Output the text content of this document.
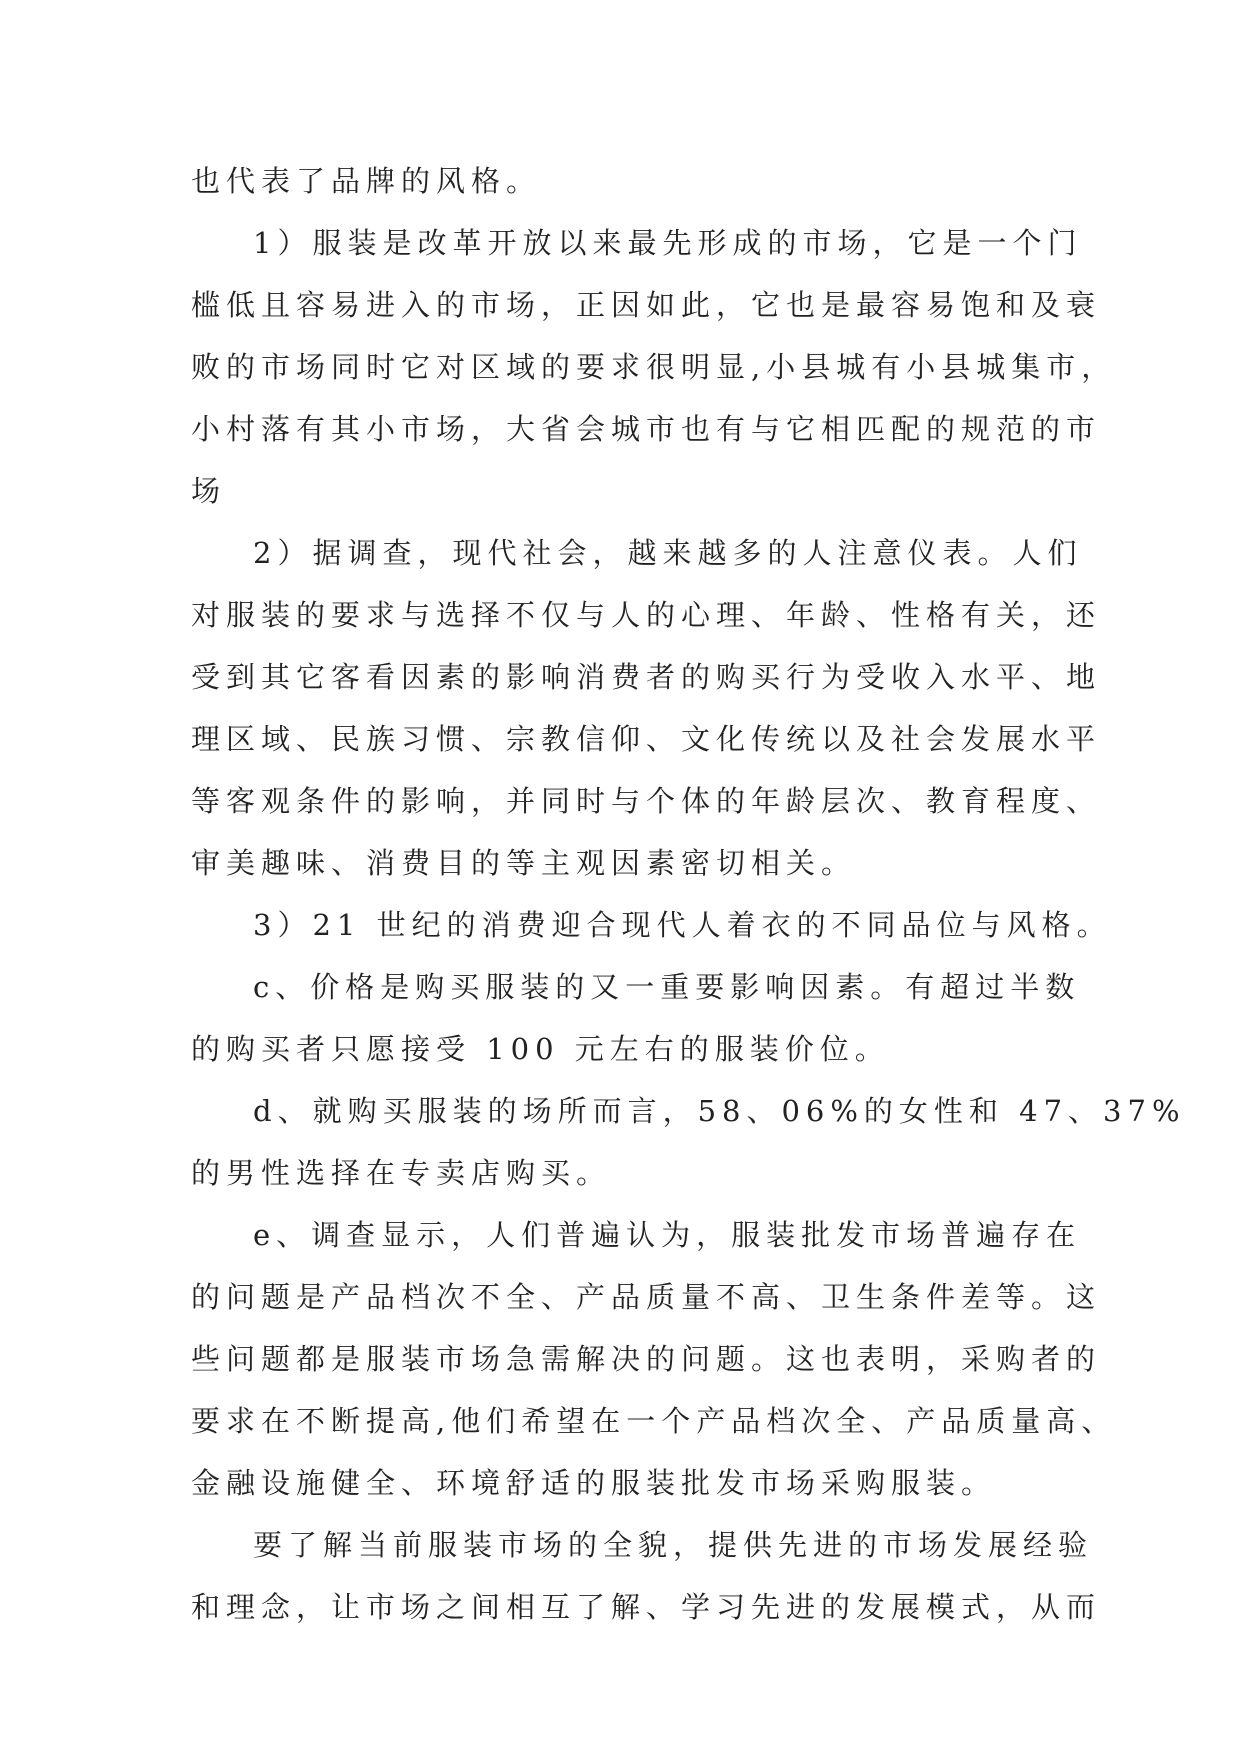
也代表了品牌的风格。
1）服装是改革开放以来最先形成的市场，它是一个门
槛低且容易进入的市场，正因如此，它也是最容易饱和及衰
败的市场同时它对区域的要求很明显,小县城有小县城集市，
小村落有其小市场，大省会城市也有与它相匹配的规范的市
场
2）据调查，现代社会，越来越多的人注意仪表。人们
对服装的要求与选择不仅与人的心理、年龄、性格有关，还
受到其它客看因素的影响消费者的购买行为受收入水平、地
理区域、民族习惯、宗教信仰、文化传统以及社会发展水平
等客观条件的影响，并同时与个体的年龄层次、教育程度、
审美趣味、消费目的等主观因素密切相关。
3）21 世纪的消费迎合现代人着衣的不同品位与风格。
c、价格是购买服装的又一重要影响因素。有超过半数
的购买者只愿接受 100 元左右的服装价位。
d、就购买服装的场所而言，58、06%的女性和 47、37%
的男性选择在专卖店购买。
e、调查显示，人们普遍认为，服装批发市场普遍存在
的问题是产品档次不全、产品质量不高、卫生条件差等。这
些问题都是服装市场急需解决的问题。这也表明，采购者的
要求在不断提高,他们希望在一个产品档次全、产品质量高、
金融设施健全、环境舒适的服装批发市场采购服装。
要了解当前服装市场的全貌，提供先进的市场发展经验
和理念，让市场之间相互了解、学习先进的发展模式，从而
